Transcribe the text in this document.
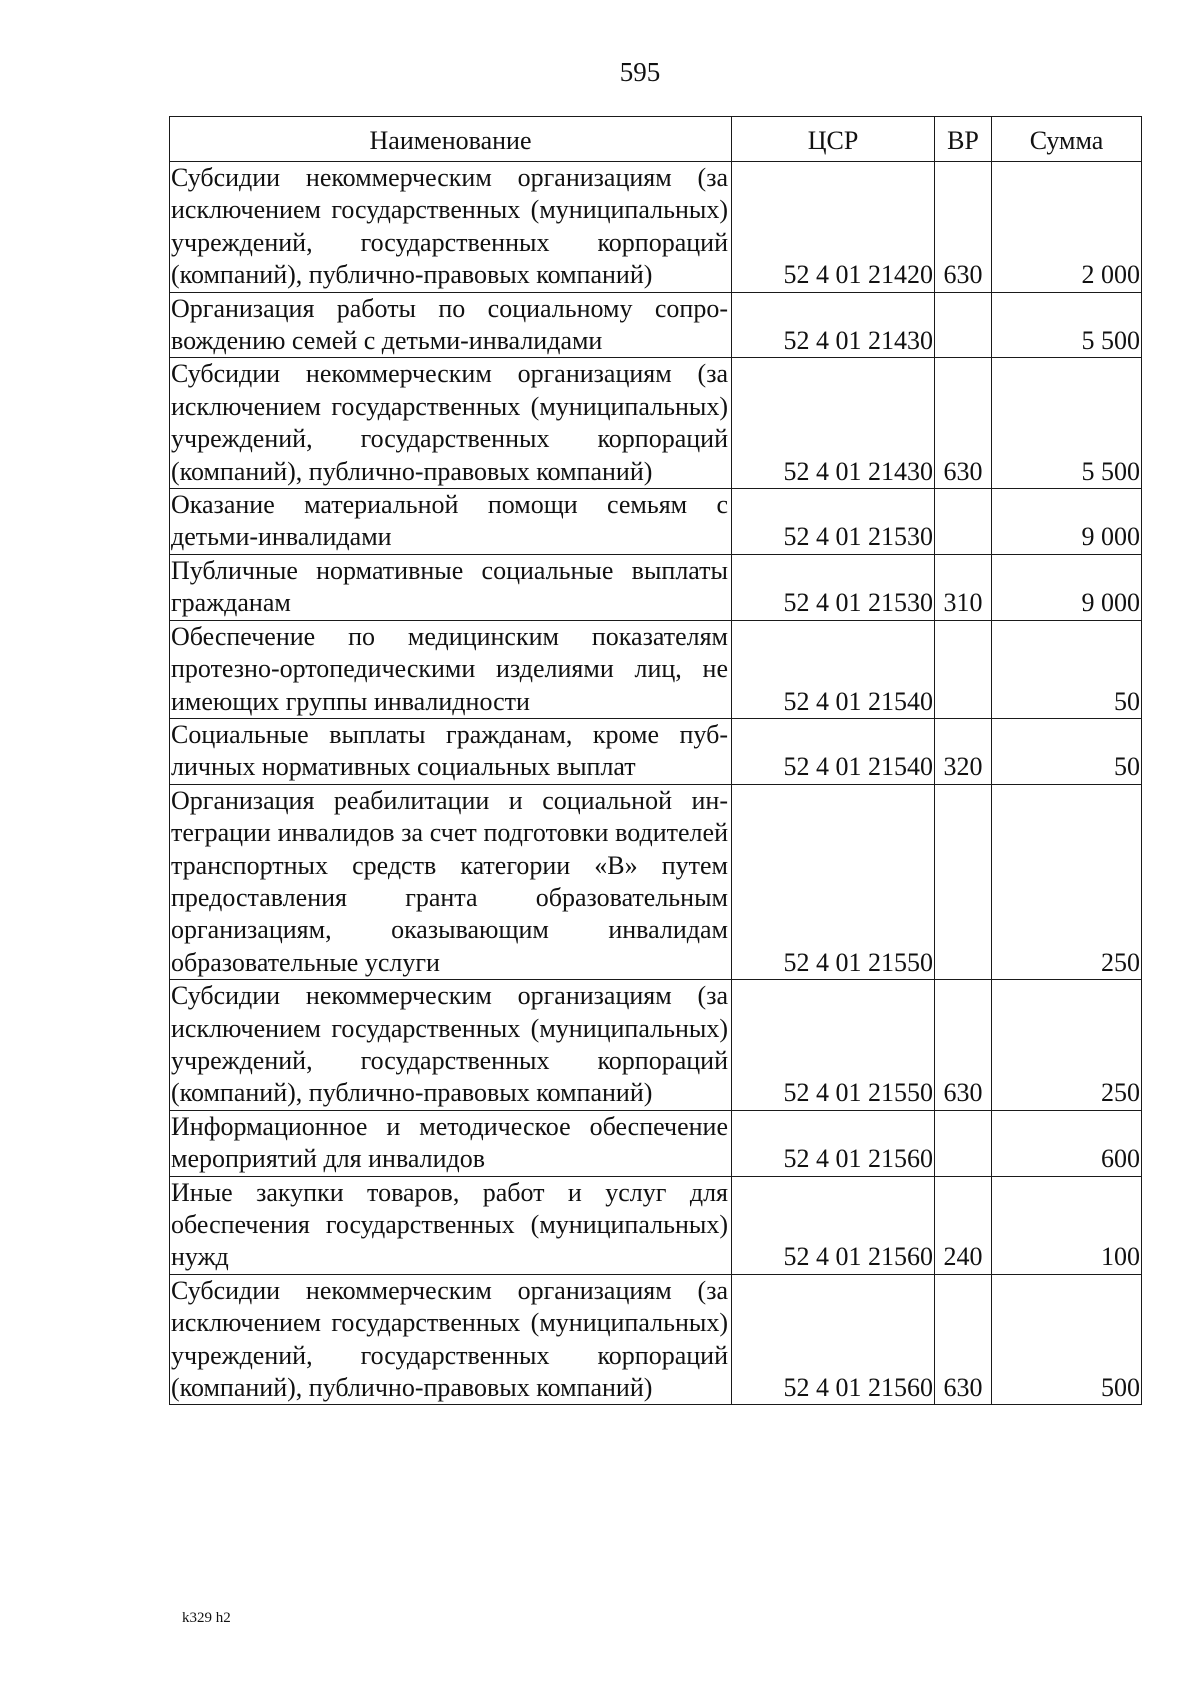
595
Наименование	ЦСР	ВР	Сумма
Субсидии некоммерческим организациям (за исключением государственных (муниципальных) учреждений, государственных корпораций (компаний), публично-правовых компаний)	52 4 01 21420	630	2 000
Организация работы по социальному сопровождению семей с детьми-инвалидами	52 4 01 21430		5 500
Субсидии некоммерческим организациям (за исключением государственных (муниципальных) учреждений, государственных корпораций (компаний), публично-правовых компаний)	52 4 01 21430	630	5 500
Оказание материальной помощи семьям с детьми-инвалидами	52 4 01 21530		9 000
Публичные нормативные социальные выплаты гражданам	52 4 01 21530	310	9 000
Обеспечение по медицинским показателям протезно-ортопедическими изделиями лиц, не имеющих группы инвалидности	52 4 01 21540		50
Социальные выплаты гражданам, кроме публичных нормативных социальных выплат	52 4 01 21540	320	50
Организация реабилитации и социальной интеграции инвалидов за счет подготовки водителей транспортных средств категории «В» путем предоставления гранта образовательным организациям, оказывающим инвалидам образовательные услуги	52 4 01 21550		250
Субсидии некоммерческим организациям (за исключением государственных (муниципальных) учреждений, государственных корпораций (компаний), публично-правовых компаний)	52 4 01 21550	630	250
Информационное и методическое обеспечение мероприятий для инвалидов	52 4 01 21560		600
Иные закупки товаров, работ и услуг для обеспечения государственных (муниципальных) нужд	52 4 01 21560	240	100
Субсидии некоммерческим организациям (за исключением государственных (муниципальных) учреждений, государственных корпораций (компаний), публично-правовых компаний)	52 4 01 21560	630	500
k329 h2
